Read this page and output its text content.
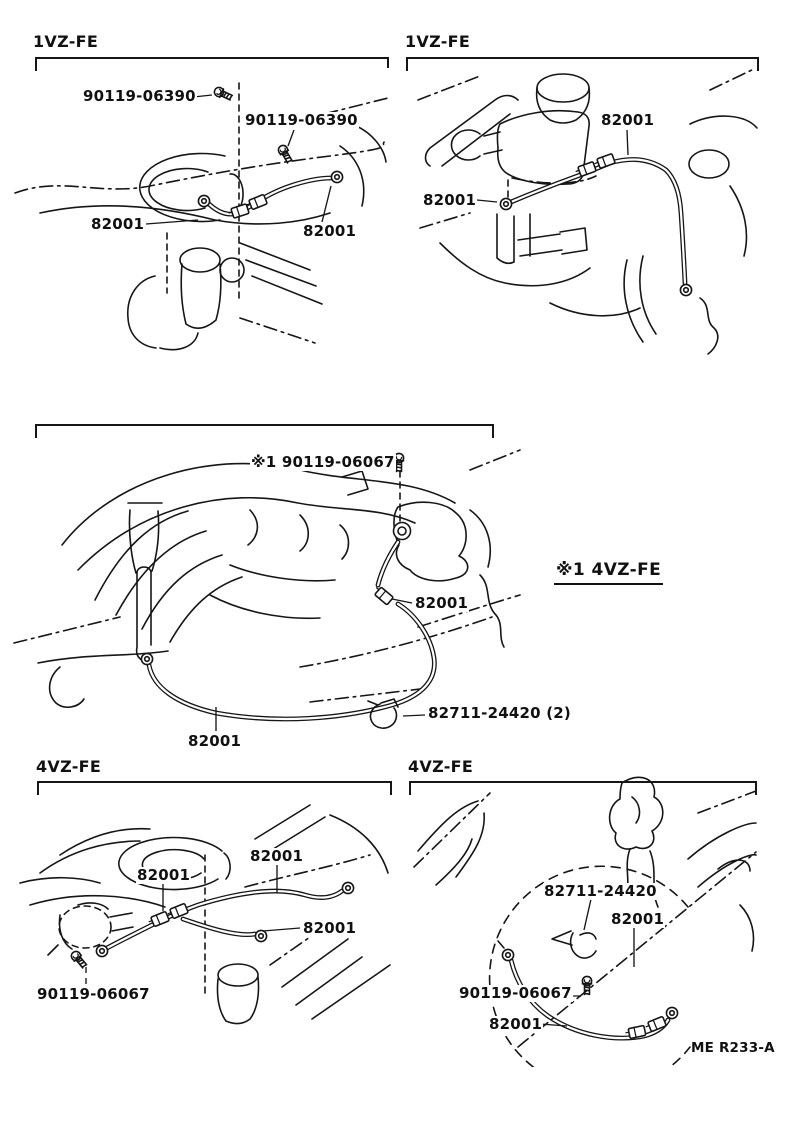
1VZ-FE
90119-06390
90119-06390
82001	82001
1VZ-FE
82001
82001
※1 90119-06067
82001
※1 4VZ-FE
82711-24420 (2)
82001
4VZ-FE
82001
82001
82001
90119-06067
4VZ-FE
82711-24420
82001
90119-06067
82001
ME R233-A
